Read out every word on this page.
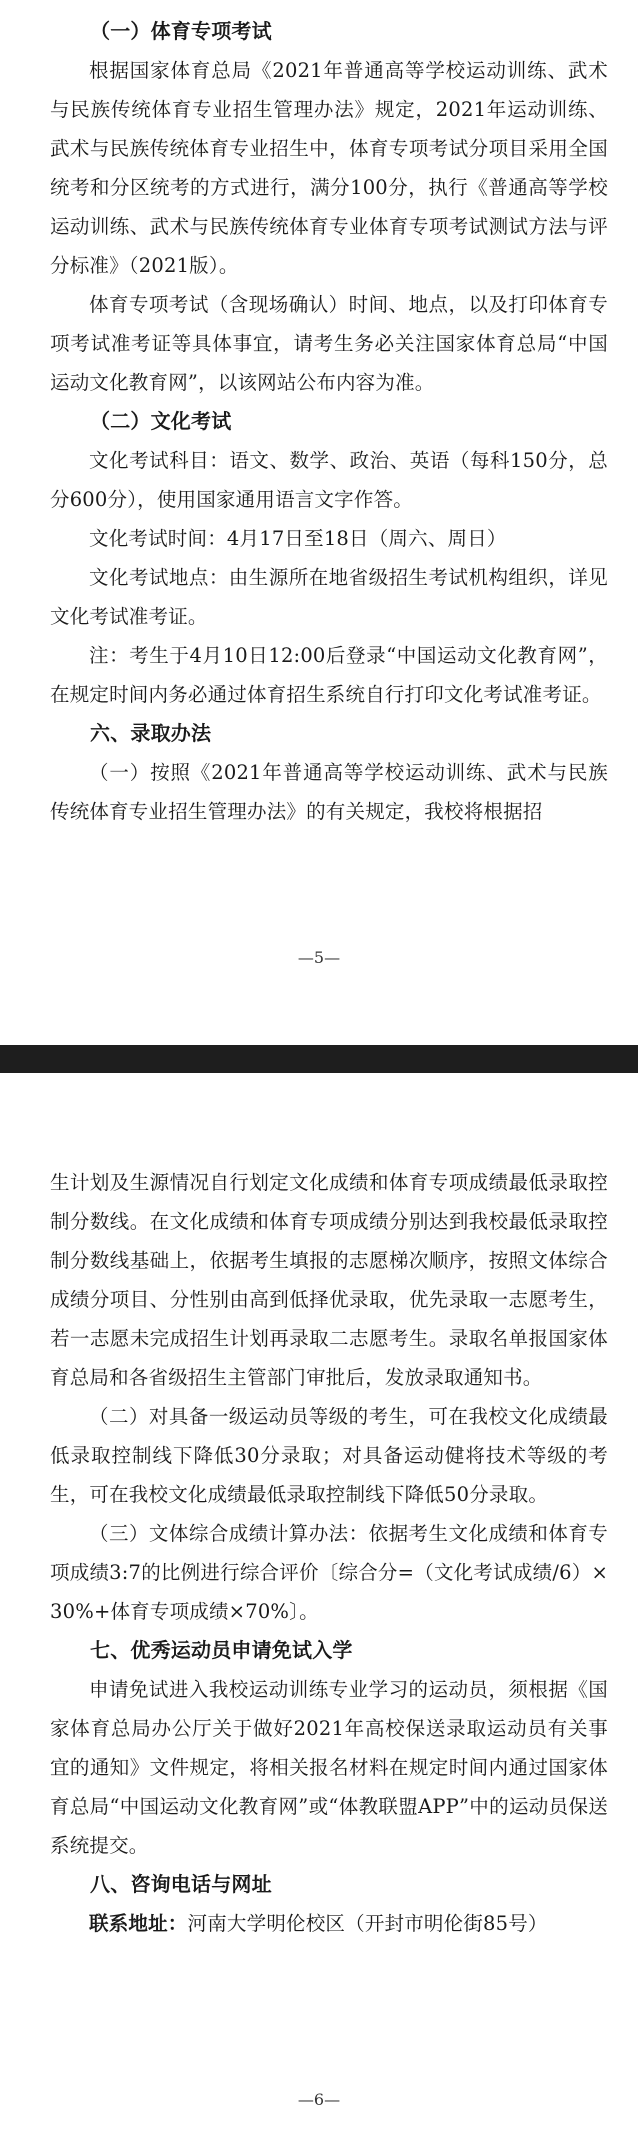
（一）体育专项考试

根据国家体育总局《2021年普通高等学校运动训练、武术与民族传统体育专业招生管理办法》规定，2021年运动训练、武术与民族传统体育专业招生中，体育专项考试分项目采用全国统考和分区统考的方式进行，满分100分，执行《普通高等学校运动训练、武术与民族传统体育专业体育专项考试测试方法与评分标准》（2021版）。

体育专项考试（含现场确认）时间、地点，以及打印体育专项考试准考证等具体事宜，请考生务必关注国家体育总局“中国运动文化教育网”，以该网站公布内容为准。

（二）文化考试

文化考试科目：语文、数学、政治、英语（每科150分，总分600分），使用国家通用语言文字作答。

文化考试时间：4月17日至18日（周六、周日）

文化考试地点：由生源所在地省级招生考试机构组织，详见文化考试准考证。

注：考生于4月10日12:00后登录“中国运动文化教育网”，在规定时间内务必通过体育招生系统自行打印文化考试准考证。

六、录取办法

（一）按照《2021年普通高等学校运动训练、武术与民族传统体育专业招生管理办法》的有关规定，我校将根据招

—5—

生计划及生源情况自行划定文化成绩和体育专项成绩最低录取控制分数线。在文化成绩和体育专项成绩分别达到我校最低录取控制分数线基础上，依据考生填报的志愿梯次顺序，按照文体综合成绩分项目、分性别由高到低择优录取，优先录取一志愿考生，若一志愿未完成招生计划再录取二志愿考生。录取名单报国家体育总局和各省级招生主管部门审批后，发放录取通知书。

（二）对具备一级运动员等级的考生，可在我校文化成绩最低录取控制线下降低30分录取；对具备运动健将技术等级的考生，可在我校文化成绩最低录取控制线下降低50分录取。

（三）文体综合成绩计算办法：依据考生文化成绩和体育专项成绩3:7的比例进行综合评价〔综合分=（文化考试成绩/6）×30%+体育专项成绩×70%〕。

七、优秀运动员申请免试入学

申请免试进入我校运动训练专业学习的运动员，须根据《国家体育总局办公厅关于做好2021年高校保送录取运动员有关事宜的通知》文件规定，将相关报名材料在规定时间内通过国家体育总局“中国运动文化教育网”或“体教联盟APP”中的运动员保送系统提交。

八、咨询电话与网址

联系地址：河南大学明伦校区（开封市明伦街85号）

—6—
